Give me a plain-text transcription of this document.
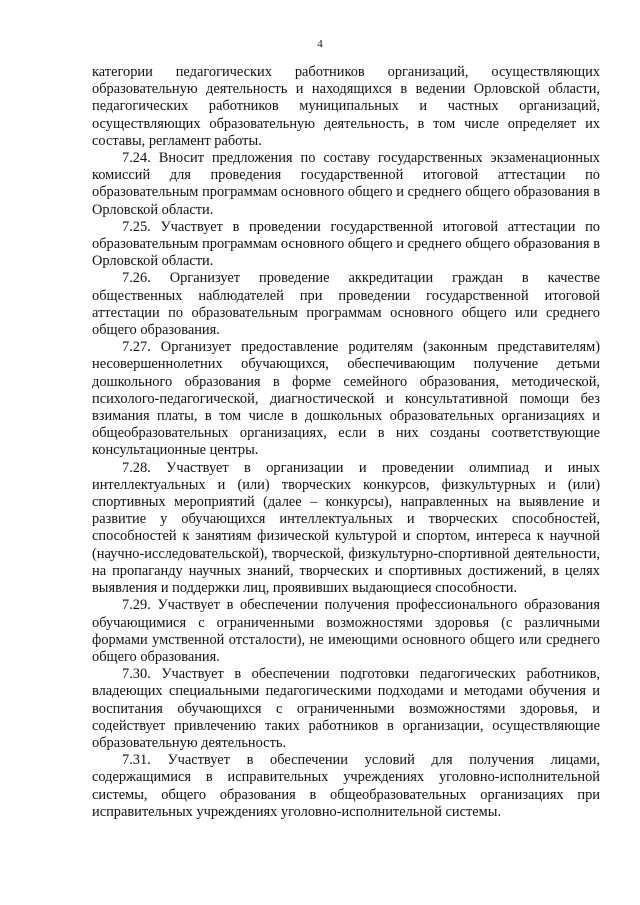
4

категории педагогических работников организаций, осуществляющих образовательную деятельность и находящихся в ведении Орловской области, педагогических работников муниципальных и частных организаций, осуществляющих образовательную деятельность, в том числе определяет их составы, регламент работы.

7.24. Вносит предложения по составу государственных экзаменационных комиссий для проведения государственной итоговой аттестации по образовательным программам основного общего и среднего общего образования в Орловской области.

7.25. Участвует в проведении государственной итоговой аттестации по образовательным программам основного общего и среднего общего образования в Орловской области.

7.26. Организует проведение аккредитации граждан в качестве общественных наблюдателей при проведении государственной итоговой аттестации по образовательным программам основного общего или среднего общего образования.

7.27. Организует предоставление родителям (законным представителям) несовершеннолетних обучающихся, обеспечивающим получение детьми дошкольного образования в форме семейного образования, методической, психолого-педагогической, диагностической и консультативной помощи без взимания платы, в том числе в дошкольных образовательных организациях и общеобразовательных организациях, если в них созданы соответствующие консультационные центры.

7.28. Участвует в организации и проведении олимпиад и иных интеллектуальных и (или) творческих конкурсов, физкультурных и (или) спортивных мероприятий (далее – конкурсы), направленных на выявление и развитие у обучающихся интеллектуальных и творческих способностей, способностей к занятиям физической культурой и спортом, интереса к научной (научно-исследовательской), творческой, физкультурно-спортивной деятельности, на пропаганду научных знаний, творческих и спортивных достижений, в целях выявления и поддержки лиц, проявивших выдающиеся способности.

7.29. Участвует в обеспечении получения профессионального образования обучающимися с ограниченными возможностями здоровья (с различными формами умственной отсталости), не имеющими основного общего или среднего общего образования.

7.30. Участвует в обеспечении подготовки педагогических работников, владеющих специальными педагогическими подходами и методами обучения и воспитания обучающихся с ограниченными возможностями здоровья, и содействует привлечению таких работников в организации, осуществляющие образовательную деятельность.

7.31. Участвует в обеспечении условий для получения лицами, содержащимися в исправительных учреждениях уголовно-исполнительной системы, общего образования в общеобразовательных организациях при исправительных учреждениях уголовно-исполнительной системы.
